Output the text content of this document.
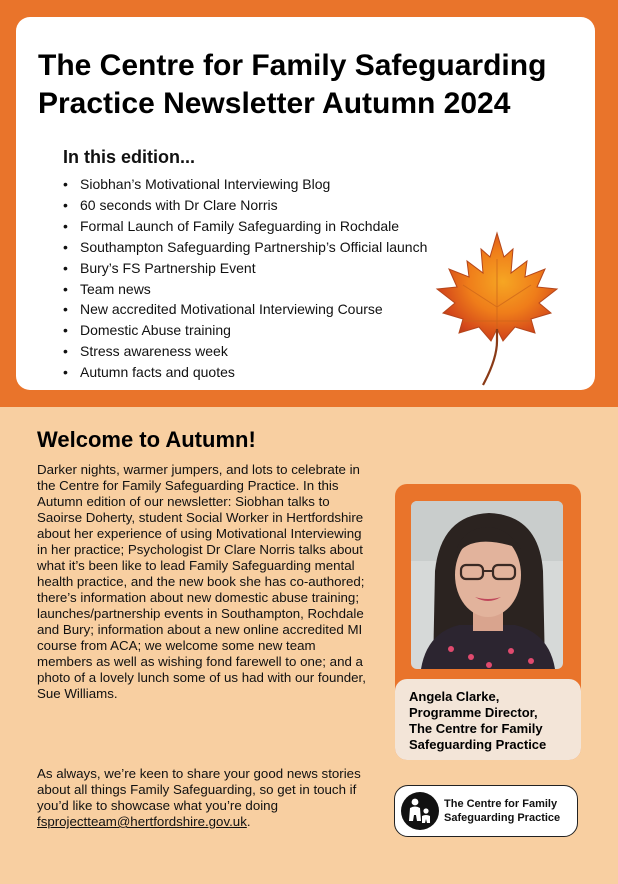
The Centre for Family Safeguarding Practice Newsletter Autumn 2024
In this edition...
• Siobhan’s Motivational Interviewing Blog
• 60 seconds with Dr Clare Norris
• Formal Launch of Family Safeguarding in Rochdale
• Southampton Safeguarding Partnership’s Official launch
• Bury’s FS Partnership Event
• Team news
• New accredited Motivational Interviewing Course
• Domestic Abuse training
• Stress awareness week
• Autumn facts and quotes
Welcome to Autumn!

Darker nights, warmer jumpers, and lots to celebrate in the Centre for Family Safeguarding Practice. In this Autumn edition of our newsletter: Siobhan talks to Saoirse Doherty, student Social Worker in Hertfordshire about her experience of using Motivational Interviewing in her practice; Psychologist Dr Clare Norris talks about what it’s been like to lead Family Safeguarding mental health practice, and the new book she has co-authored; there’s information about new domestic abuse training; launches/partnership events in Southampton, Rochdale and Bury; information about a new online accredited MI course from ACA; we welcome some new team members as well as wishing fond farewell to one; and a photo of a lovely lunch some of us had with our founder, Sue Williams.

As always, we’re keen to share your good news stories about all things Family Safeguarding, so get in touch if you’d like to showcase what you’re doing fsprojectteam@hertfordshire.gov.uk.

Angela Clarke,
Programme Director,
The Centre for Family
Safeguarding Practice
The Centre for Family
Safeguarding Practice
